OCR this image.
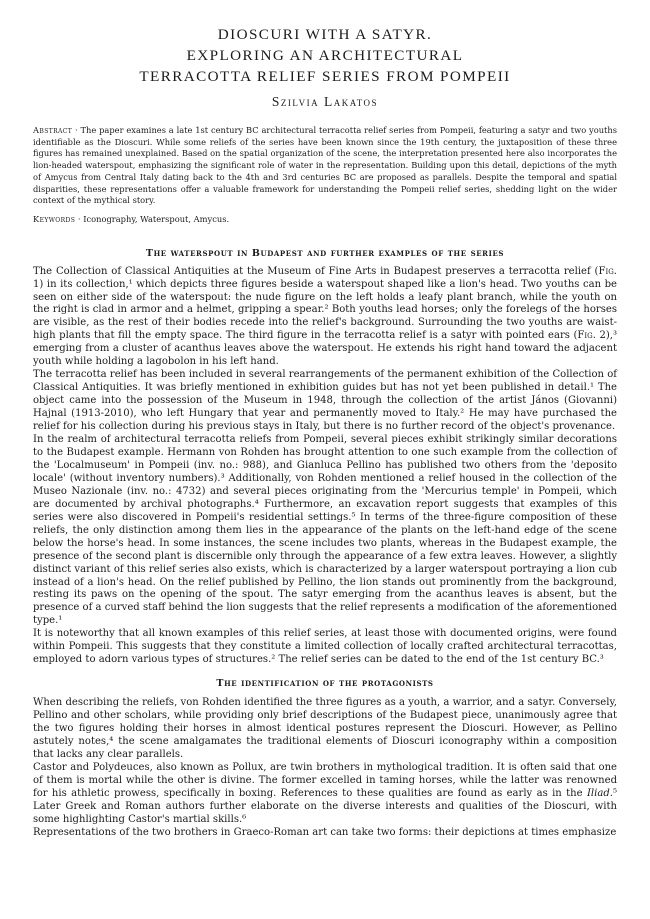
DIOSCURI WITH A SATYR.
EXPLORING AN ARCHITECTURAL
TERRACOTTA RELIEF SERIES FROM POMPEII

Szilvia Lakatos

Abstract · The paper examines a late 1st century BC architectural terracotta relief series from Pompeii, featuring a satyr and two youths identifiable as the Dioscuri. While some reliefs of the series have been known since the 19th century, the juxtaposition of these three figures has remained unexplained. Based on the spatial organization of the scene, the interpretation presented here also incorporates the lion-headed waterspout, emphasizing the significant role of water in the representation. Building upon this detail, depictions of the myth of Amycus from Central Italy dating back to the 4th and 3rd centuries BC are proposed as parallels. Despite the temporal and spatial disparities, these representations offer a valuable framework for understanding the Pompeii relief series, shedding light on the wider context of the mythical story.

Keywords · Iconography, Waterspout, Amycus.

The waterspout in Budapest and further examples of the series

The Collection of Classical Antiquities at the Museum of Fine Arts in Budapest preserves a terracotta relief (Fig. 1) in its collection,¹ which depicts three figures beside a waterspout shaped like a lion's head. Two youths can be seen on either side of the waterspout: the nude figure on the left holds a leafy plant branch, while the youth on the right is clad in armor and a helmet, gripping a spear.² Both youths lead horses; only the forelegs of the horses are visible, as the rest of their bodies recede into the relief's background. Surrounding the two youths are waist-high plants that fill the empty space. The third figure in the terracotta relief is a satyr with pointed ears (Fig. 2),³ emerging from a cluster of acanthus leaves above the waterspout. He extends his right hand toward the adjacent youth while holding a lagobolon in his left hand.

The terracotta relief has been included in several rearrangements of the permanent exhibition of the Collection of Classical Antiquities. It was briefly mentioned in exhibition guides but has not yet been published in detail.¹ The object came into the possession of the Museum in 1948, through the collection of the artist János (Giovanni) Hajnal (1913-2010), who left Hungary that year and permanently moved to Italy.² He may have purchased the relief for his collection during his previous stays in Italy, but there is no further record of the object's provenance.

In the realm of architectural terracotta reliefs from Pompeii, several pieces exhibit strikingly similar decorations to the Budapest example. Hermann von Rohden has brought attention to one such example from the collection of the 'Localmuseum' in Pompeii (inv. no.: 988), and Gianluca Pellino has published two others from the 'deposito locale' (without inventory numbers).³ Additionally, von Rohden mentioned a relief housed in the collection of the Museo Nazionale (inv. no.: 4732) and several pieces originating from the 'Mercurius temple' in Pompeii, which are documented by archival photographs.⁴ Furthermore, an excavation report suggests that examples of this series were also discovered in Pompeii's residential settings.⁵ In terms of the three-figure composition of these reliefs, the only distinction among them lies in the appearance of the plants on the left-hand edge of the scene below the horse's head. In some instances, the scene includes two plants, whereas in the Budapest example, the presence of the second plant is discernible only through the appearance of a few extra leaves. However, a slightly distinct variant of this relief series also exists, which is characterized by a larger waterspout portraying a lion cub instead of a lion's head. On the relief published by Pellino, the lion stands out prominently from the background, resting its paws on the opening of the spout. The satyr emerging from the acanthus leaves is absent, but the presence of a curved staff behind the lion suggests that the relief represents a modification of the aforementioned type.¹

It is noteworthy that all known examples of this relief series, at least those with documented origins, were found within Pompeii. This suggests that they constitute a limited collection of locally crafted architectural terracottas, employed to adorn various types of structures.² The relief series can be dated to the end of the 1st century BC.³

The identification of the protagonists

When describing the reliefs, von Rohden identified the three figures as a youth, a warrior, and a satyr. Conversely, Pellino and other scholars, while providing only brief descriptions of the Budapest piece, unanimously agree that the two figures holding their horses in almost identical postures represent the Dioscuri. However, as Pellino astutely notes,⁴ the scene amalgamates the traditional elements of Dioscuri iconography within a composition that lacks any clear parallels.

Castor and Polydeuces, also known as Pollux, are twin brothers in mythological tradition. It is often said that one of them is mortal while the other is divine. The former excelled in taming horses, while the latter was renowned for his athletic prowess, specifically in boxing. References to these qualities are found as early as in the Iliad.⁵ Later Greek and Roman authors further elaborate on the diverse interests and qualities of the Dioscuri, with some highlighting Castor's martial skills.⁶

Representations of the two brothers in Graeco-Roman art can take two forms: their depictions at times emphasize
